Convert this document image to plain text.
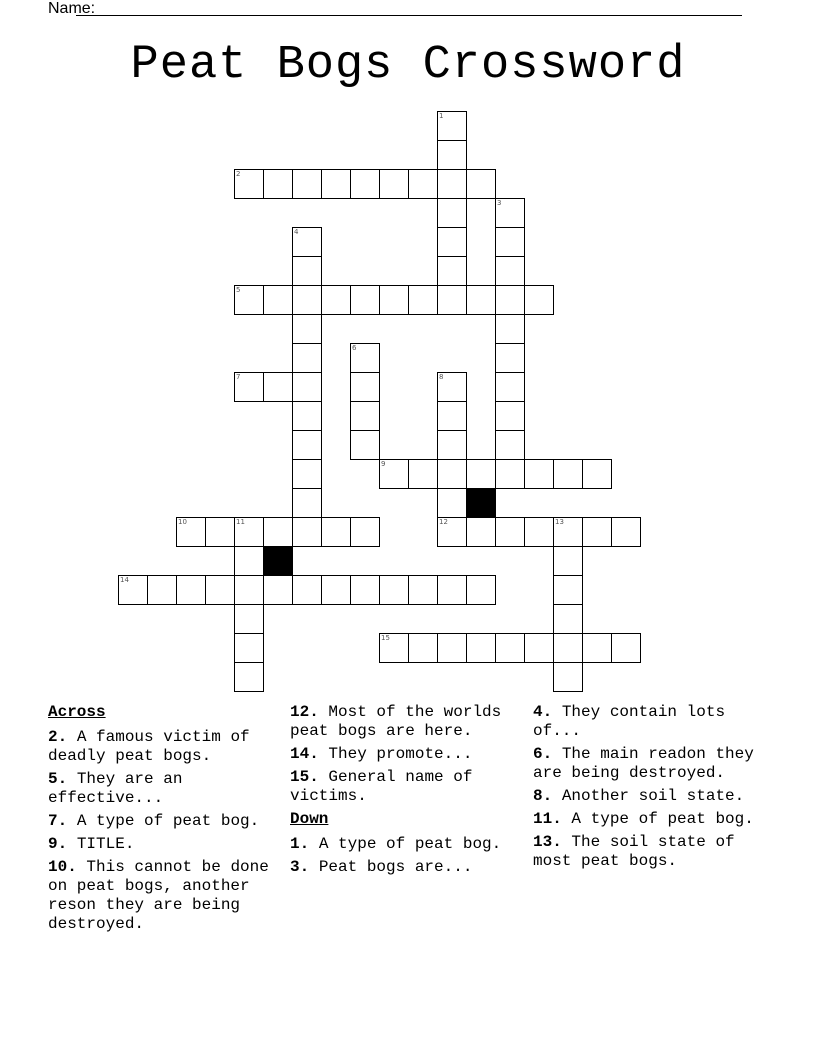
Name:
Peat Bogs Crossword
1
2
3
4
5
6
7	8
9
10	11	12	13
14
15
Across
2. A famous victim of deadly peat bogs.
5. They are an effective...
7. A type of peat bog.
9. TITLE.
10. This cannot be done on peat bogs, another reson they are being destroyed.
12. Most of the worlds peat bogs are here.
14. They promote...
15. General name of victims.
Down
1. A type of peat bog.
3. Peat bogs are...
4. They contain lots of...
6. The main readon they are being destroyed.
8. Another soil state.
11. A type of peat bog.
13. The soil state of most peat bogs.
